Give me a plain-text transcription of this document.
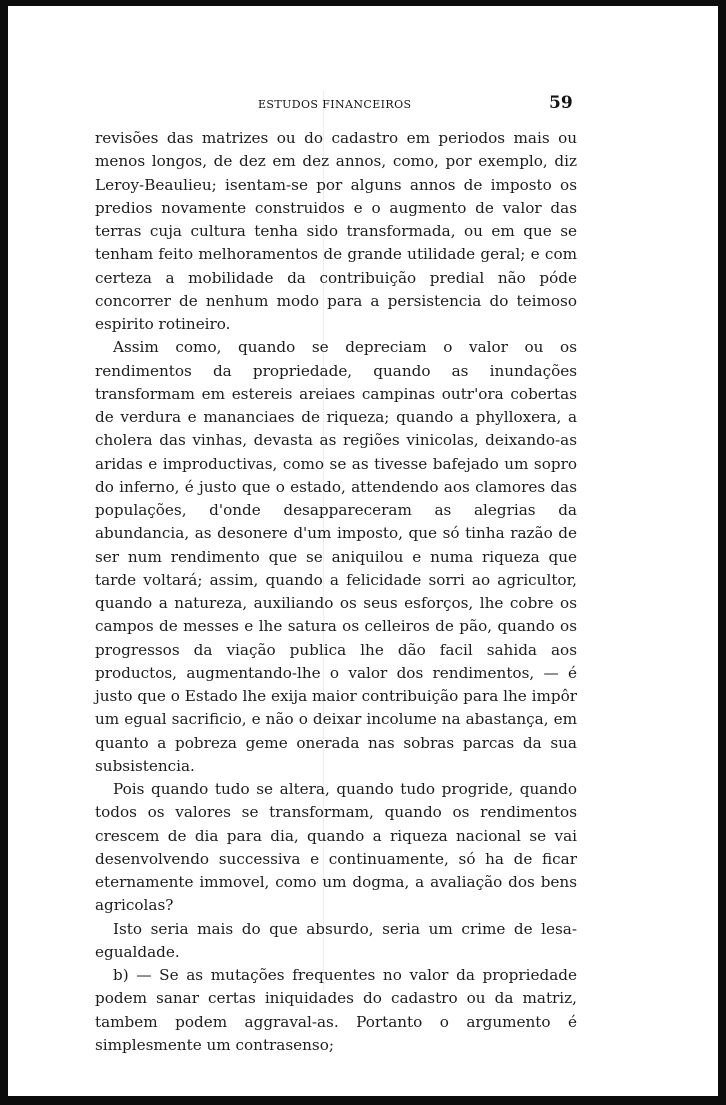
ESTUDOS FINANCEIROS	59

revisões das matrizes ou do cadastro em periodos mais ou menos longos, de dez em dez annos, como, por exemplo, diz Leroy-Beaulieu; isentam-se por alguns annos de imposto os predios novamente construidos e o augmento de valor das terras cuja cultura tenha sido transformada, ou em que se tenham feito melhoramentos de grande utilidade geral; e com certeza a mobilidade da contribuição predial não póde concorrer de nenhum modo para a persistencia do teimoso espirito rotineiro.

Assim como, quando se depreciam o valor ou os rendimentos da propriedade, quando as inundações transformam em estereis areiaes campinas outr'ora cobertas de verdura e mananciaes de riqueza; quando a phylloxera, a cholera das vinhas, devasta as regiões vinicolas, deixando-as aridas e improductivas, como se as tivesse bafejado um sopro do inferno, é justo que o estado, attendendo aos clamores das populações, d'onde desappareceram as alegrias da abundancia, as desonere d'um imposto, que só tinha razão de ser num rendimento que se aniquilou e numa riqueza que tarde voltará; assim, quando a felicidade sorri ao agricultor, quando a natureza, auxiliando os seus esforços, lhe cobre os campos de messes e lhe satura os celleiros de pão, quando os progressos da viação publica lhe dão facil sahida aos productos, augmentando-lhe o valor dos rendimentos, — é justo que o Estado lhe exija maior contribuição para lhe impôr um egual sacrificio, e não o deixar incolume na abastança, em quanto a pobreza geme onerada nas sobras parcas da sua subsistencia.

Pois quando tudo se altera, quando tudo progride, quando todos os valores se transformam, quando os rendimentos crescem de dia para dia, quando a riqueza nacional se vai desenvolvendo successiva e continuamente, só ha de ficar eternamente immovel, como um dogma, a avaliação dos bens agricolas?

Isto seria mais do que absurdo, seria um crime de lesa-egualdade.

b) — Se as mutações frequentes no valor da propriedade podem sanar certas iniquidades do cadastro ou da matriz, tambem podem aggraval-as. Portanto o argumento é simplesmente um contrasenso;
